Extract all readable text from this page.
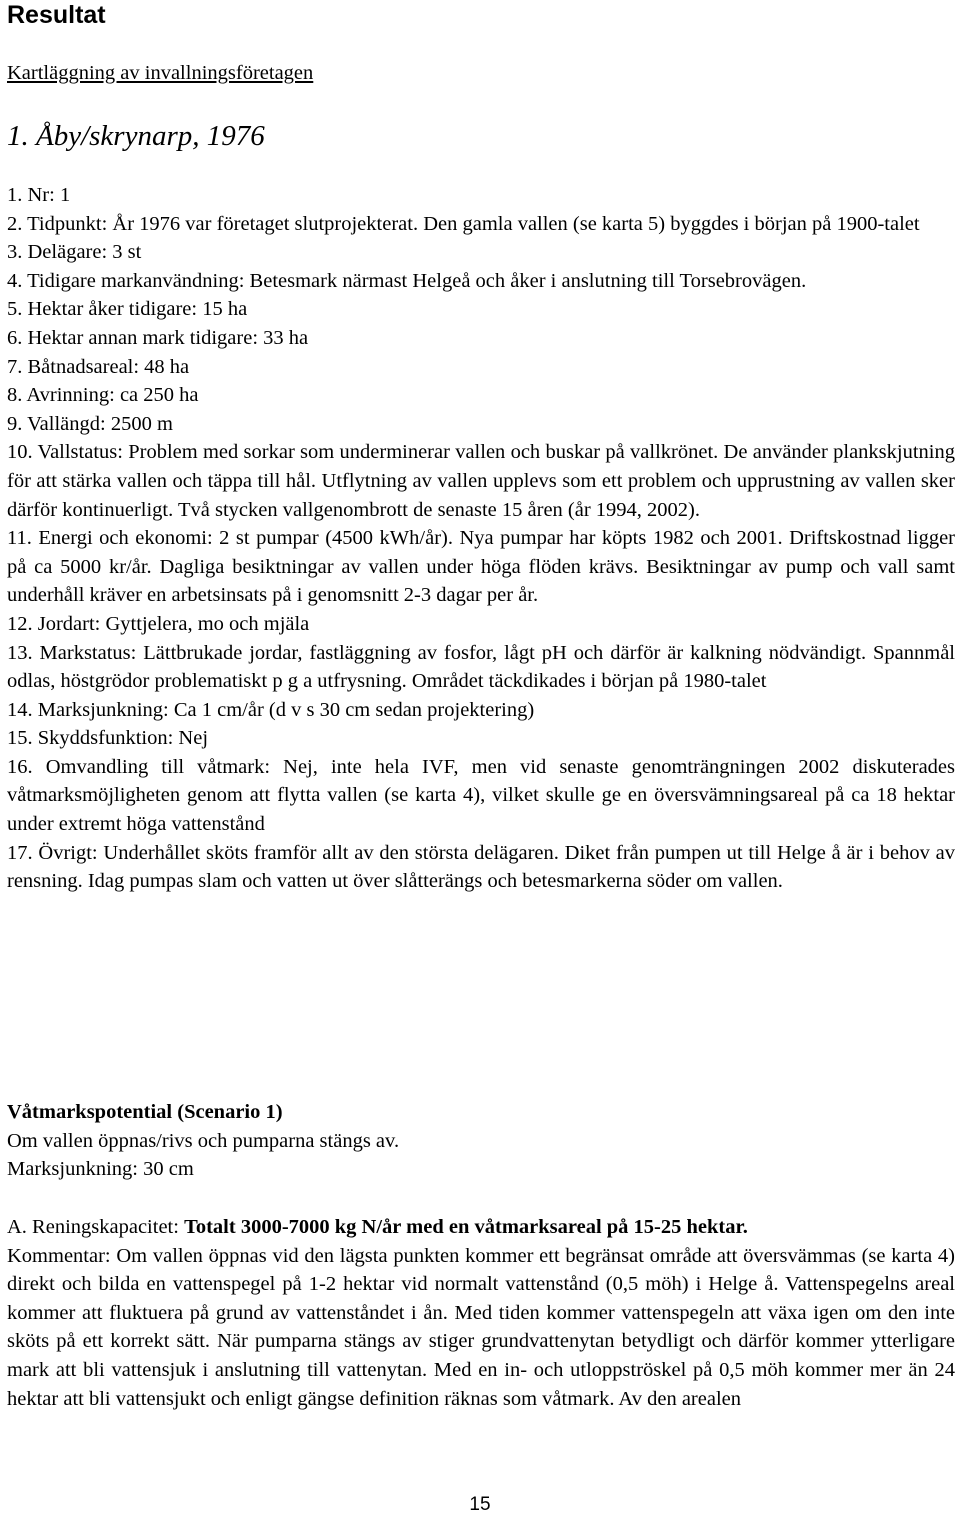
Resultat
Kartläggning av invallningsföretagen
1. Åby/skrynarp, 1976
1. Nr: 1
2. Tidpunkt: År 1976 var företaget slutprojekterat. Den gamla vallen (se karta 5) byggdes i början på 1900-talet
3. Delägare: 3 st
4. Tidigare markanvändning: Betesmark närmast Helgeå och åker i anslutning till Torsebrovägen.
5. Hektar åker tidigare: 15 ha
6. Hektar annan mark tidigare: 33 ha
7. Båtnadsareal: 48 ha
8. Avrinning: ca 250 ha
9. Vallängd: 2500 m
10. Vallstatus: Problem med sorkar som underminerar vallen och buskar på vallkrönet. De använder plankskjutning för att stärka vallen och täppa till hål. Utflytning av vallen upplevs som ett problem och upprustning av vallen sker därför kontinuerligt. Två stycken vallgenombrott de senaste 15 åren (år 1994, 2002).
11. Energi och ekonomi: 2 st pumpar (4500 kWh/år). Nya pumpar har köpts 1982 och 2001. Driftskostnad ligger på ca 5000 kr/år. Dagliga besiktningar av vallen under höga flöden krävs. Besiktningar av pump och vall samt underhåll kräver en arbetsinsats på i genomsnitt 2-3 dagar per år.
12. Jordart: Gyttjelera, mo och mjäla
13. Markstatus: Lättbrukade jordar, fastläggning av fosfor, lågt pH och därför är kalkning nödvändigt. Spannmål odlas, höstgrödor problematiskt p g a utfrysning. Området täckdikades i början på 1980-talet
14. Marksjunkning: Ca 1 cm/år (d v s 30 cm sedan projektering)
15. Skyddsfunktion: Nej
16. Omvandling till våtmark: Nej, inte hela IVF, men vid senaste genomträngningen 2002 diskuterades våtmarksmöjligheten genom att flytta vallen (se karta 4), vilket skulle ge en översvämningsareal på ca 18 hektar under extremt höga vattenstånd
17. Övrigt: Underhållet sköts framför allt av den största delägaren. Diket från pumpen ut till Helge å är i behov av rensning. Idag pumpas slam och vatten ut över slåtterängs och betesmarkerna söder om vallen.

Våtmarkspotential (Scenario 1)

Om vallen öppnas/rivs och pumparna stängs av.

Marksjunkning: 30 cm

A. Reningskapacitet: Totalt 3000-7000 kg N/år med en våtmarksareal på 15-25 hektar.

Kommentar: Om vallen öppnas vid den lägsta punkten kommer ett begränsat område att översvämmas (se karta 4) direkt och bilda en vattenspegel på 1-2 hektar vid normalt vattenstånd (0,5 möh) i Helge å. Vattenspegelns areal kommer att fluktuera på grund av vattenståndet i ån. Med tiden kommer vattenspegeln att växa igen om den inte sköts på ett korrekt sätt. När pumparna stängs av stiger grundvattenytan betydligt och därför kommer ytterligare mark att bli vattensjuk i anslutning till vattenytan. Med en in- och utloppströskel på 0,5 möh kommer mer än 24 hektar att bli vattensjukt och enligt gängse definition räknas som våtmark. Av den arealen

15
